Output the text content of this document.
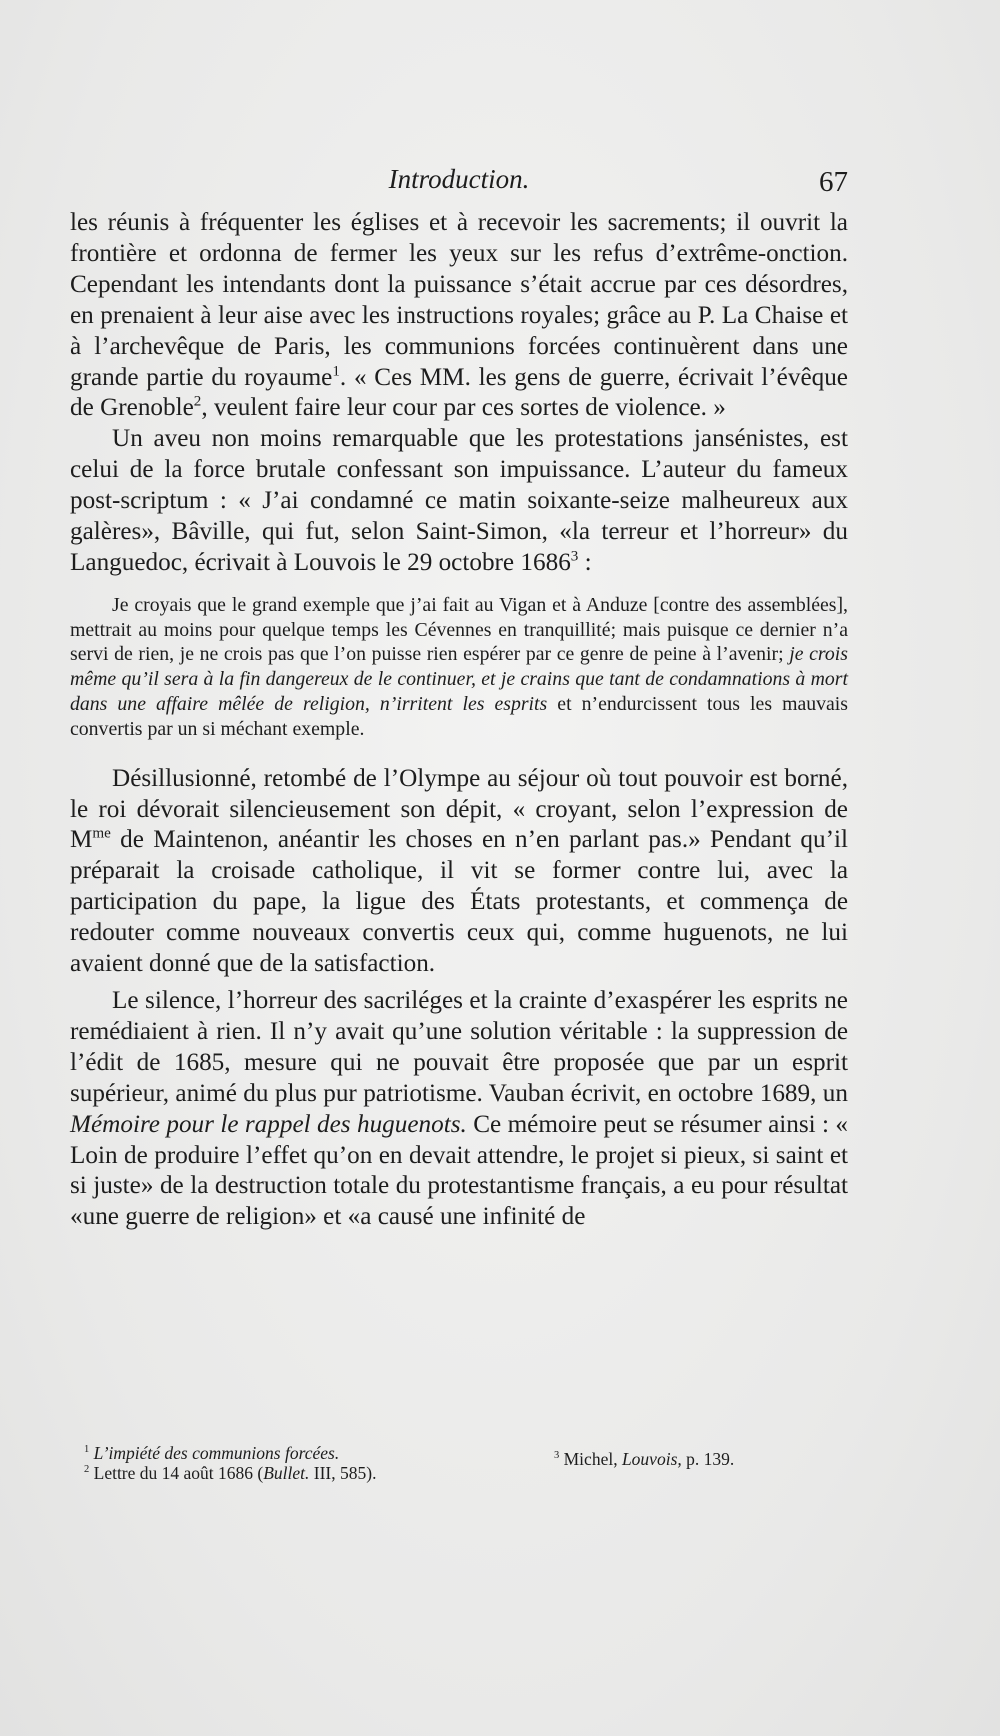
Introduction.	67

les réunis à fréquenter les églises et à recevoir les sacrements; il ouvrit la frontière et ordonna de fermer les yeux sur les refus d’extrême-onction. Cependant les intendants dont la puissance s’était accrue par ces désordres, en prenaient à leur aise avec les instructions royales; grâce au P. La Chaise et à l’archevêque de Paris, les communions forcées continuèrent dans une grande partie du royaume$^1$. « Ces MM. les gens de guerre, écrivait l’évêque de Grenoble$^2$, veulent faire leur cour par ces sortes de violence. »

Un aveu non moins remarquable que les protestations jansénistes, est celui de la force brutale confessant son impuissance. L’auteur du fameux post-scriptum : « J’ai condamné ce matin soixante-seize malheureux aux galères», Bâville, qui fut, selon Saint-Simon, «la terreur et l’horreur» du Languedoc, écrivait à Louvois le 29 octobre 1686$^3$ :

Je croyais que le grand exemple que j’ai fait au Vigan et à Anduze [contre des assemblées], mettrait au moins pour quelque temps les Cévennes en tranquillité; mais puisque ce dernier n’a servi de rien, je ne crois pas que l’on puisse rien espérer par ce genre de peine à l’avenir; je crois même qu’il sera à la fin dangereux de le continuer, et je crains que tant de condamnations à mort dans une affaire mêlée de religion, n’irritent les esprits et n’endurcissent tous les mauvais convertis par un si méchant exemple.

Désillusionné, retombé de l’Olympe au séjour où tout pouvoir est borné, le roi dévorait silencieusement son dépit, « croyant, selon l’expression de $M^{me}$ de Maintenon, anéantir les choses en n’en parlant pas.» Pendant qu’il préparait la croisade catholique, il vit se former contre lui, avec la participation du pape, la ligue des États protestants, et commença de redouter comme nouveaux convertis ceux qui, comme huguenots, ne lui avaient donné que de la satisfaction.

Le silence, l’horreur des sacriléges et la crainte d’exaspérer les esprits ne remédiaient à rien. Il n’y avait qu’une solution véritable : la suppression de l’édit de 1685, mesure qui ne pouvait être proposée que par un esprit supérieur, animé du plus pur patriotisme. Vauban écrivit, en octobre 1689, un Mémoire pour le rappel des huguenots. Ce mémoire peut se résumer ainsi : « Loin de produire l’effet qu’on en devait attendre, le projet si pieux, si saint et si juste» de la destruction totale du protestantisme français, a eu pour résultat «une guerre de religion» et «a causé une infinité de

$^1$ L’impiété des communions forcées.
$^2$ Lettre du 14 août 1686 (Bullet. III, 585).
$^3$ Michel, Louvois, p. 139.
